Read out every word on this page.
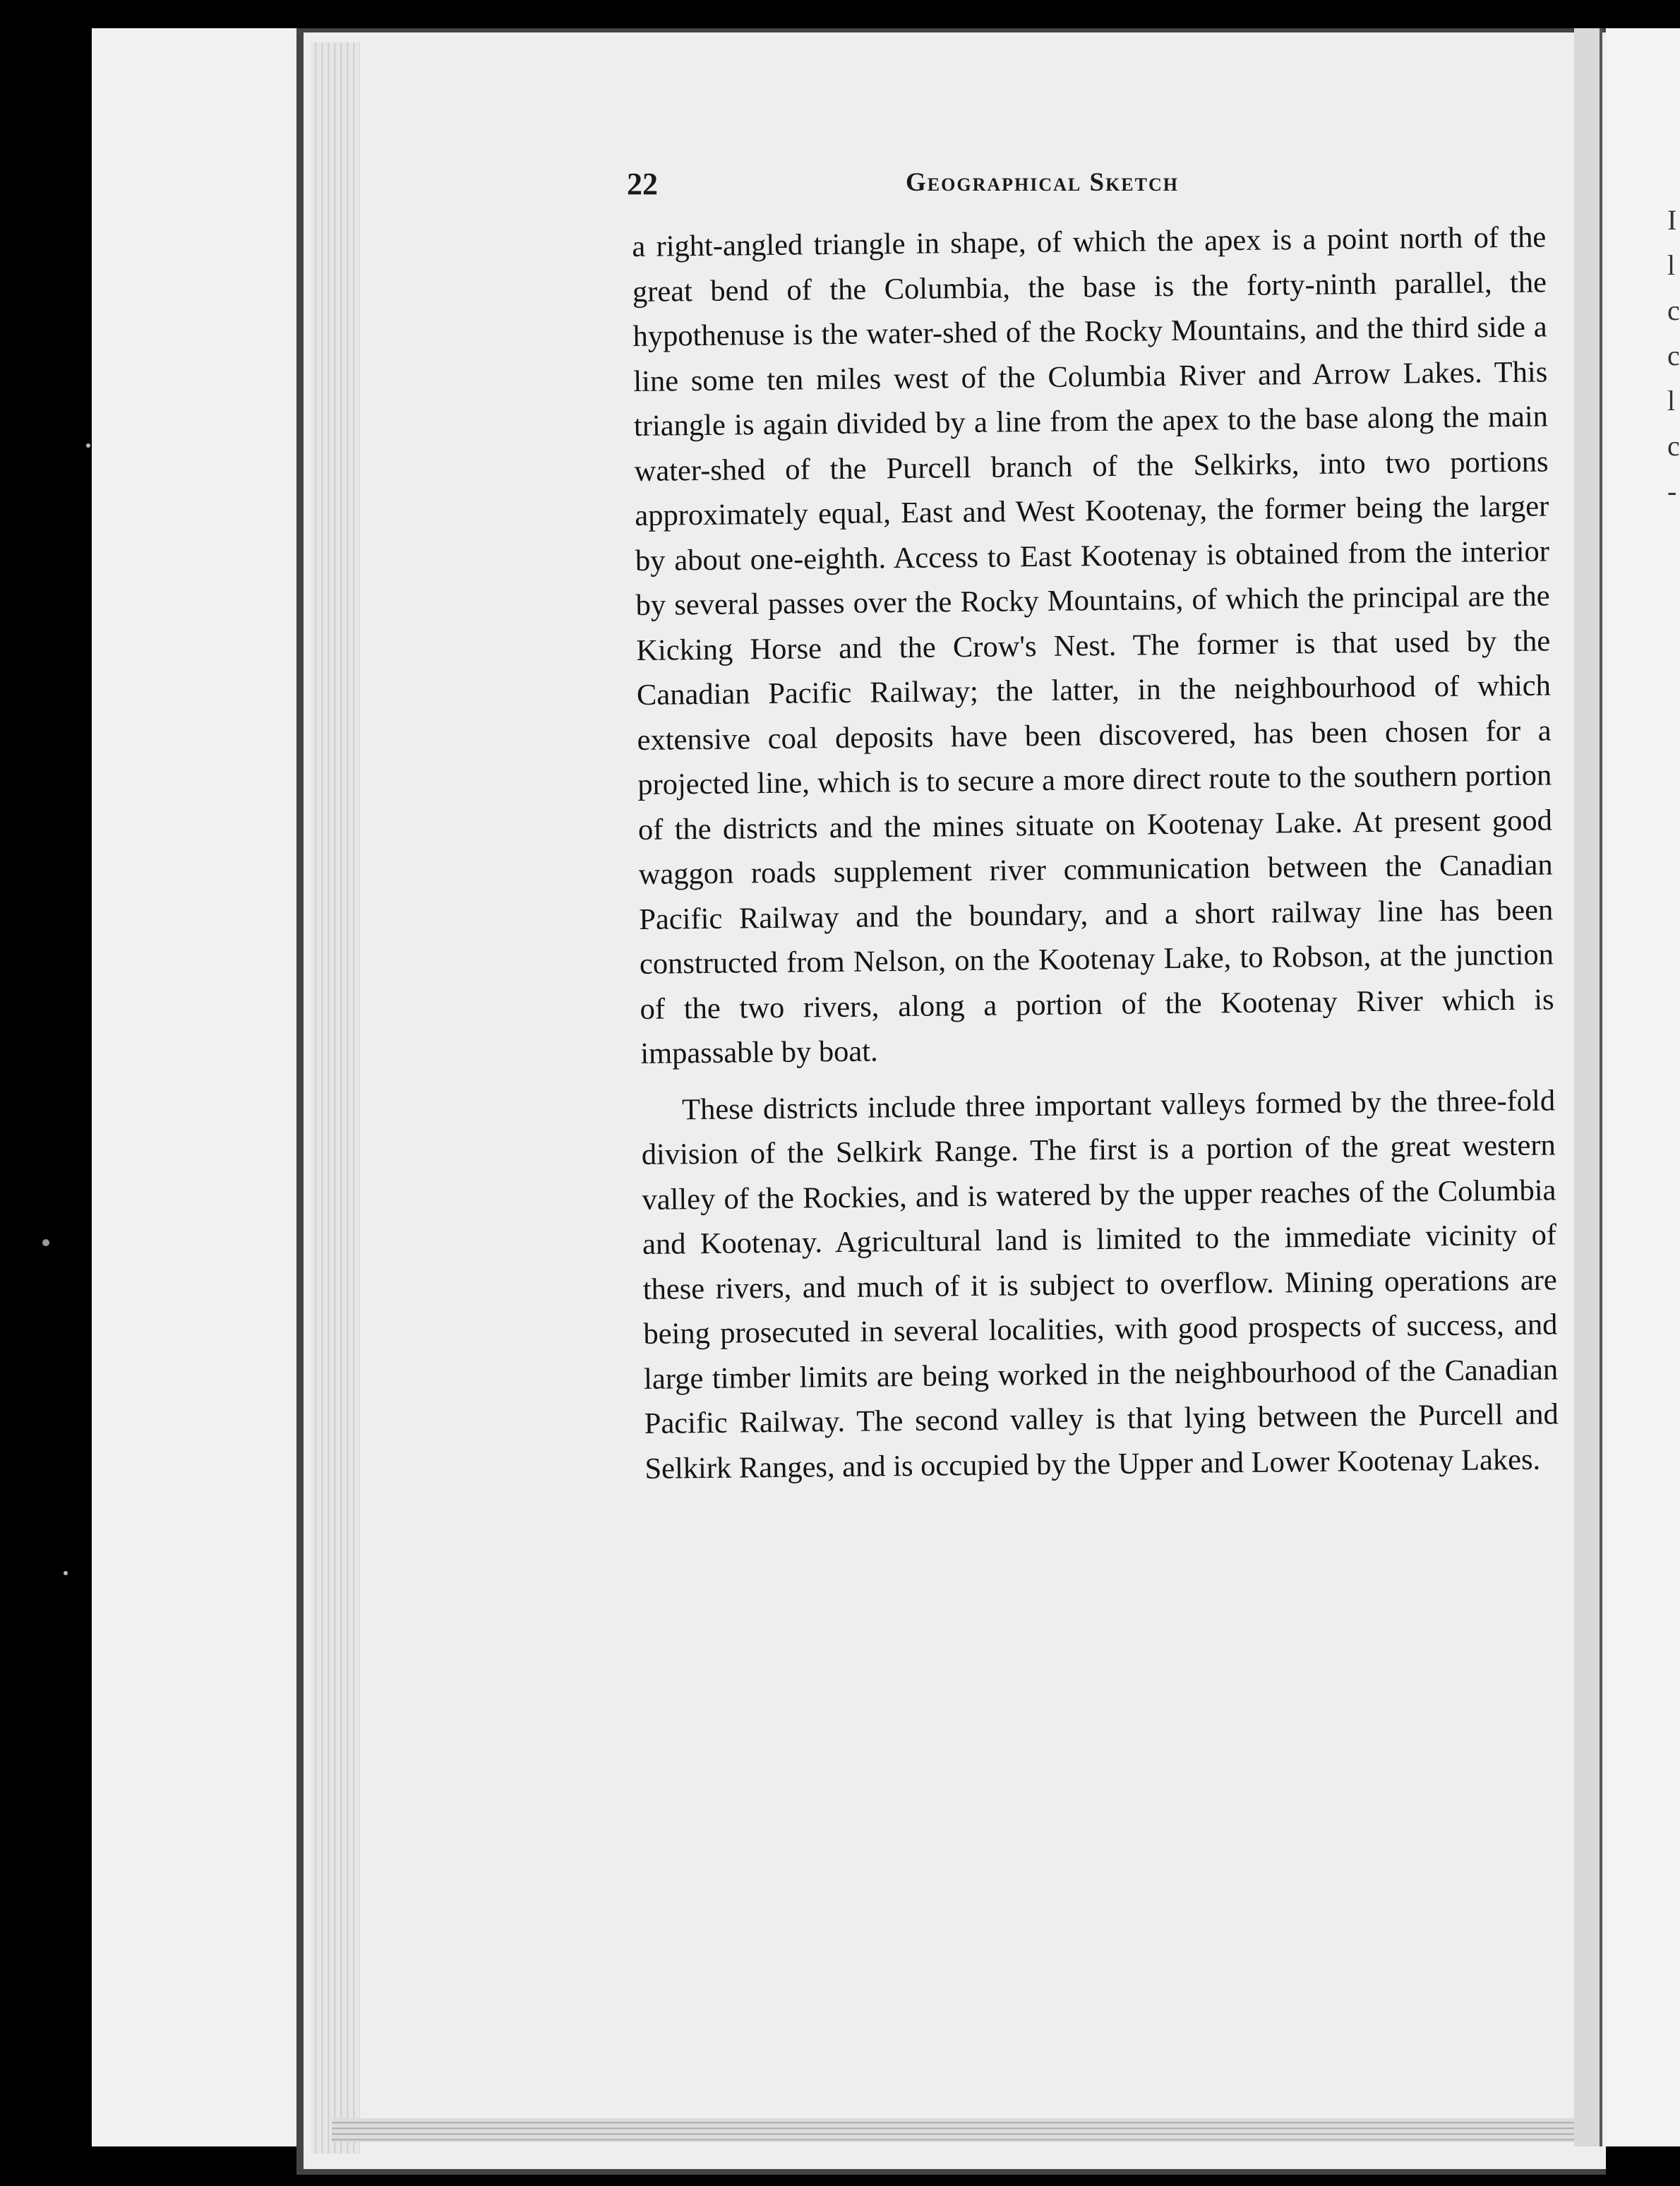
I
l
c
c
l
c
-
22	Geographical Sketch

a right-angled triangle in shape, of which the apex is a point north of the great bend of the Columbia, the base is the forty-ninth parallel, the hypothenuse is the water-shed of the Rocky Mountains, and the third side a line some ten miles west of the Columbia River and Arrow Lakes. This triangle is again divided by a line from the apex to the base along the main water-shed of the Purcell branch of the Selkirks, into two portions approximately equal, East and West Kootenay, the former being the larger by about one-eighth. Access to East Kootenay is obtained from the interior by several passes over the Rocky Mountains, of which the principal are the Kicking Horse and the Crow's Nest. The former is that used by the Canadian Pacific Railway; the latter, in the neighbourhood of which extensive coal deposits have been discovered, has been chosen for a projected line, which is to secure a more direct route to the southern portion of the districts and the mines situate on Kootenay Lake. At present good waggon roads supplement river communication between the Canadian Pacific Railway and the boundary, and a short railway line has been constructed from Nelson, on the Kootenay Lake, to Robson, at the junction of the two rivers, along a portion of the Kootenay River which is impassable by boat.

These districts include three important valleys formed by the three-fold division of the Selkirk Range. The first is a portion of the great western valley of the Rockies, and is watered by the upper reaches of the Columbia and Kootenay. Agricultural land is limited to the immediate vicinity of these rivers, and much of it is subject to overflow. Mining operations are being prosecuted in several localities, with good prospects of success, and large timber limits are being worked in the neighbourhood of the Canadian Pacific Railway. The second valley is that lying between the Purcell and Selkirk Ranges, and is occupied by the Upper and Lower Kootenay Lakes.
